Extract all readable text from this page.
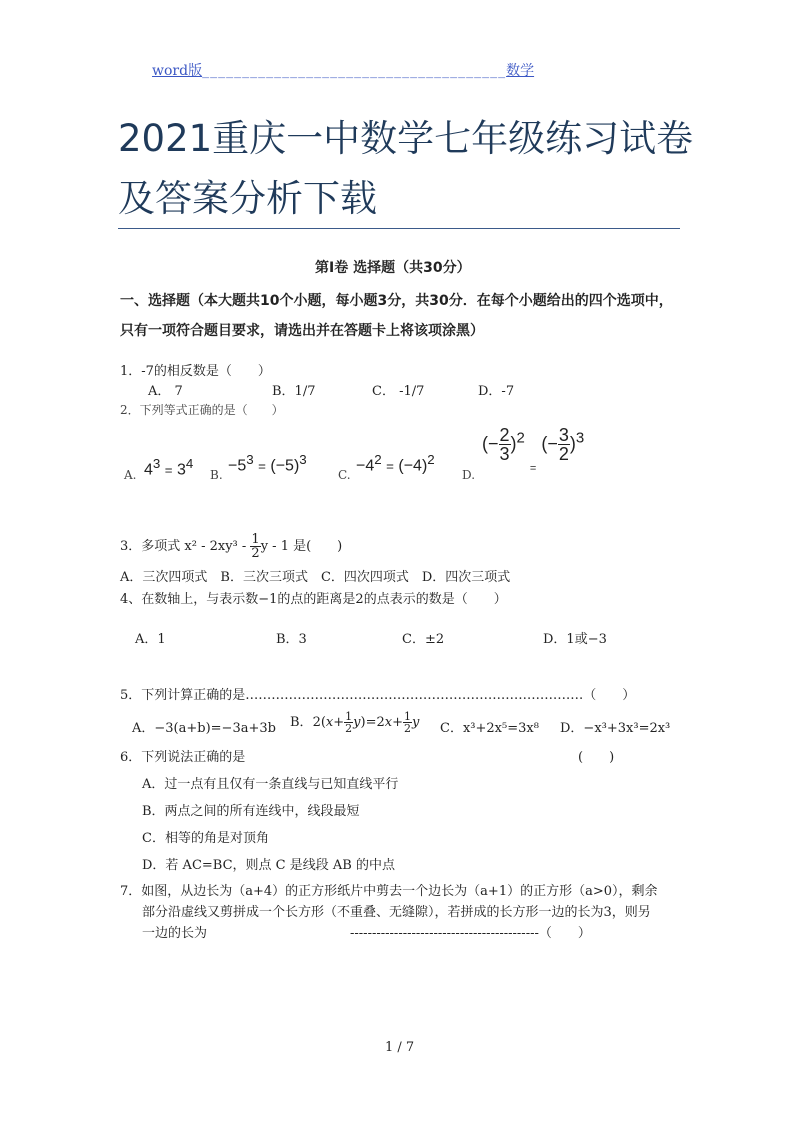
word版______________________________________数学
2021重庆一中数学七年级练习试卷
及答案分析下载
第Ⅰ卷 选择题（共30分）
一、选择题（本大题共10个小题，每小题3分，共30分．在每个小题给出的四个选项中，
只有一项符合题目要求，请选出并在答题卡上将该项涂黑）
1．-7的相反数是（　　）
A． 7	B．1/7	C． -1/7	D．-7
2．下列等式正确的是（　　）
A. $4^3 = 3^4$
B.
$-5^3 = (-5)^3$
C.
$-4^2 = (-4)^2$
D.
(− $\frac{2}{3} )^2$ $_=$ (− $\frac{3}{2} )^3$
3．多项式 $x^2 - 2xy^3 - \frac{1}{2}$ y - 1 是(　　)
A．三次四项式　B．三次三项式　C．四次四项式　D．四次三项式
4、在数轴上，与表示数−1的点的距离是2的点表示的数是（　　）
A．1	B．3	C．±2	D．1或−3
5．下列计算正确的是……………………………………………………………………（　　）
A．−3(a+b)=−3a+3b B．$2(x+ \frac{1}{2} y)=2x+ \frac{1}{2}$ y C．x³+2x⁵=3x⁸ D．−x³+3x³=2x³
6．下列说法正确的是	(　　)
A．过一点有且仅有一条直线与已知直线平行
B．两点之间的所有连线中，线段最短
C．相等的角是对顶角
D．若 AC=BC，则点 C 是线段 AB 的中点
7．如图，从边长为（a+4）的正方形纸片中剪去一个边长为（a+1）的正方形（a>0），剩余
部分沿虚线又剪拼成一个长方形（不重叠、无缝隙），若拼成的长方形一边的长为3，则另
一边的长为	-------------------------------------------（　　）
1 / 7
